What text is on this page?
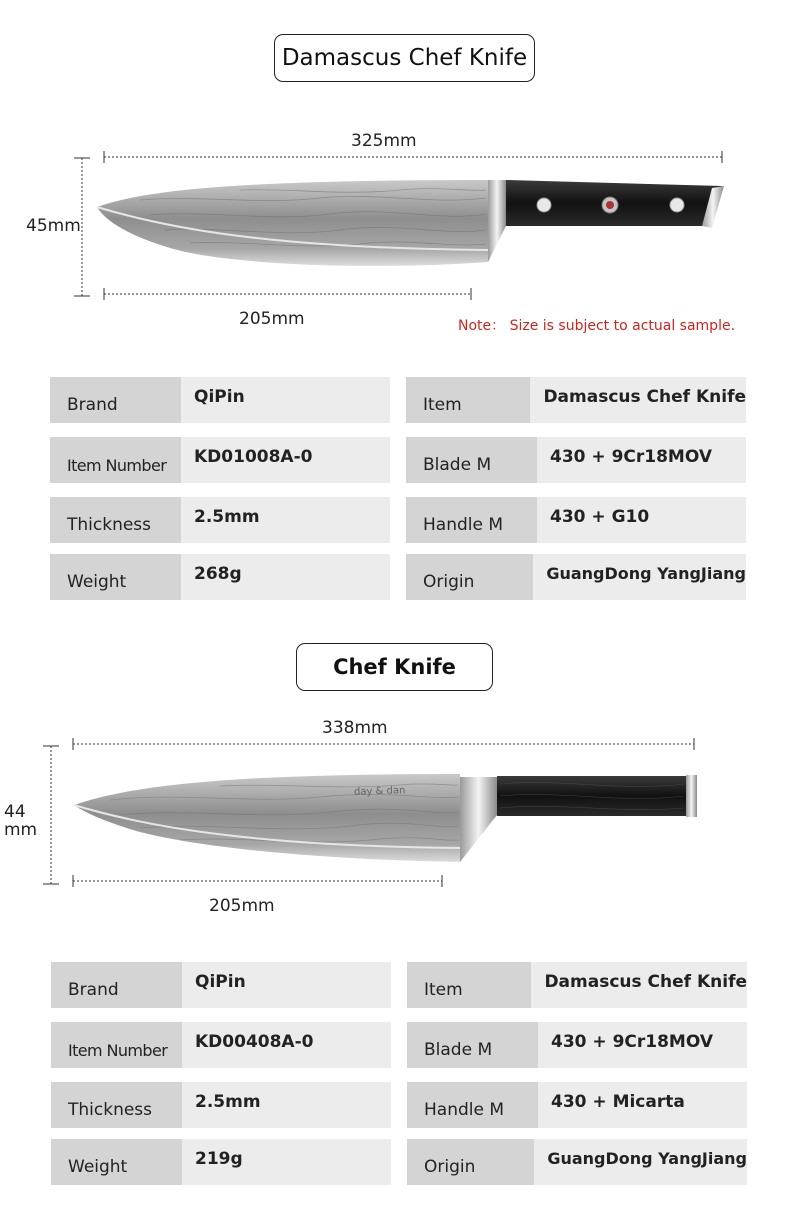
Damascus Chef Knife
325mm
45mm
205mm	Note： Size is subject to actual sample.
Brand	QiPin
Item Number	KD01008A-0
Thickness	2.5mm
Weight	268g
Item	Damascus Chef Knife
Blade M	430 + 9Cr18MOV
Handle M	430 + G10
Origin	GuangDong YangJiang
Chef Knife
338mm
44
mm
205mm
day & dan
Brand	QiPin
Item Number	KD00408A-0
Thickness	2.5mm
Weight	219g
Item	Damascus Chef Knife
Blade M	430 + 9Cr18MOV
Handle M	430 + Micarta
Origin	GuangDong YangJiang
